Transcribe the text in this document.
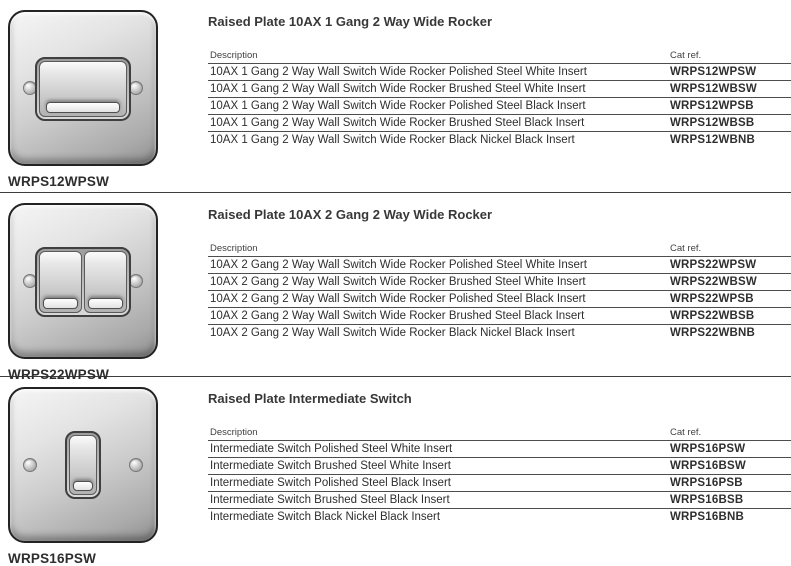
WRPS12WPSW
Raised Plate 10AX 1 Gang 2 Way Wide Rocker
Description	Cat ref.
10AX 1 Gang 2 Way Wall Switch Wide Rocker Polished Steel White Insert	WRPS12WPSW
10AX 1 Gang 2 Way Wall Switch Wide Rocker Brushed Steel White Insert	WRPS12WBSW
10AX 1 Gang 2 Way Wall Switch Wide Rocker Polished Steel Black Insert	WRPS12WPSB
10AX 1 Gang 2 Way Wall Switch Wide Rocker Brushed Steel Black Insert	WRPS12WBSB
10AX 1 Gang 2 Way Wall Switch Wide Rocker Black Nickel Black Insert	WRPS12WBNB
WRPS22WPSW
Raised Plate 10AX 2 Gang 2 Way Wide Rocker
Description	Cat ref.
10AX 2 Gang 2 Way Wall Switch Wide Rocker Polished Steel White Insert	WRPS22WPSW
10AX 2 Gang 2 Way Wall Switch Wide Rocker Brushed Steel White Insert	WRPS22WBSW
10AX 2 Gang 2 Way Wall Switch Wide Rocker Polished Steel Black Insert	WRPS22WPSB
10AX 2 Gang 2 Way Wall Switch Wide Rocker Brushed Steel Black Insert	WRPS22WBSB
10AX 2 Gang 2 Way Wall Switch Wide Rocker Black Nickel Black Insert	WRPS22WBNB
WRPS16PSW
Raised Plate Intermediate Switch
Description	Cat ref.
Intermediate Switch Polished Steel White Insert	WRPS16PSW
Intermediate Switch Brushed Steel White Insert	WRPS16BSW
Intermediate Switch Polished Steel Black Insert	WRPS16PSB
Intermediate Switch Brushed Steel Black Insert	WRPS16BSB
Intermediate Switch Black Nickel Black Insert	WRPS16BNB
